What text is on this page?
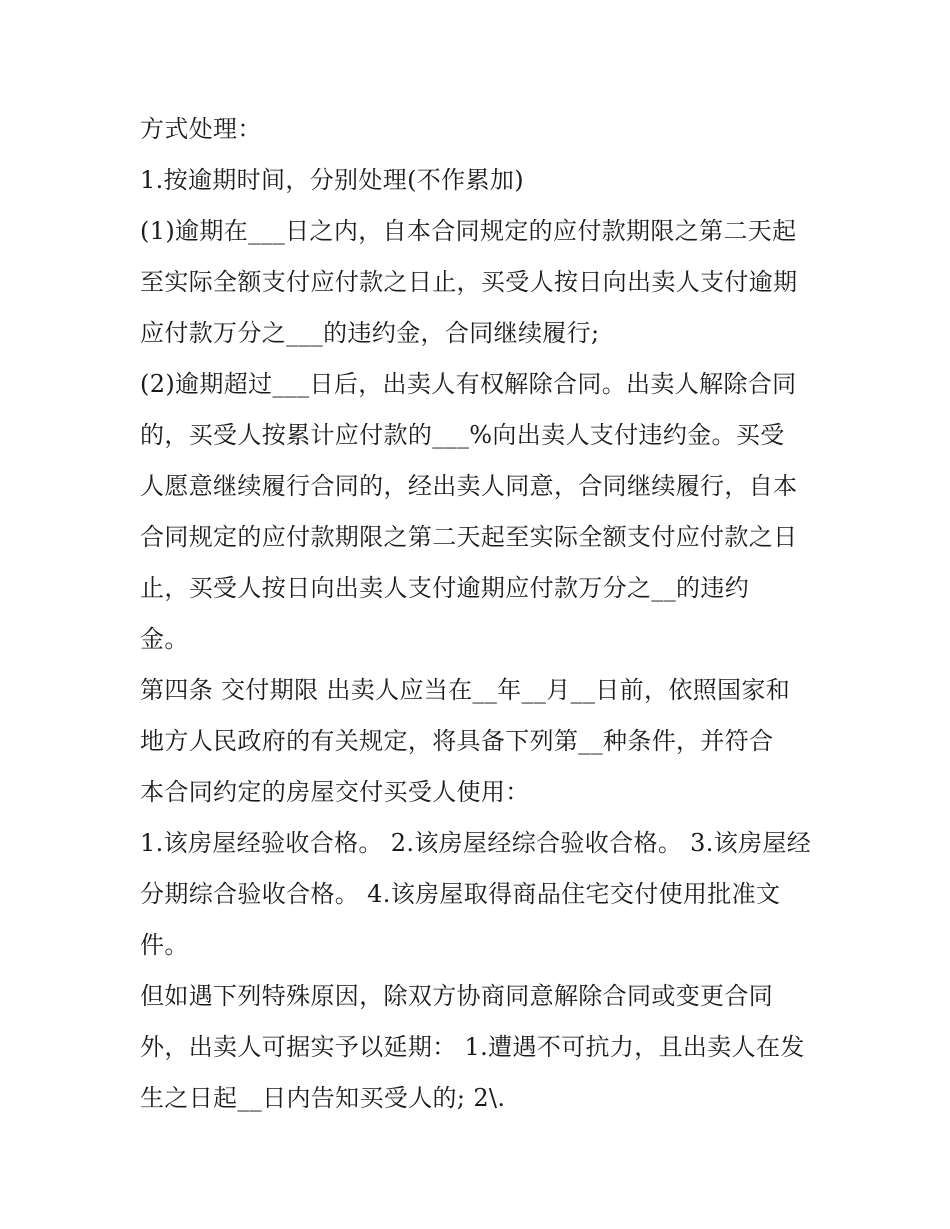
方式处理：
1.按逾期时间，分别处理(不作累加)
(1)逾期在___日之内，自本合同规定的应付款期限之第二天起
至实际全额支付应付款之日止，买受人按日向出卖人支付逾期
应付款万分之___的违约金，合同继续履行;
(2)逾期超过___日后，出卖人有权解除合同。出卖人解除合同
的，买受人按累计应付款的___%向出卖人支付违约金。买受
人愿意继续履行合同的，经出卖人同意，合同继续履行，自本
合同规定的应付款期限之第二天起至实际全额支付应付款之日
止，买受人按日向出卖人支付逾期应付款万分之__的违约
金。
第四条 交付期限 出卖人应当在__年__月__日前，依照国家和
地方人民政府的有关规定，将具备下列第__种条件，并符合
本合同约定的房屋交付买受人使用：
1.该房屋经验收合格。 2.该房屋经综合验收合格。 3.该房屋经
分期综合验收合格。 4.该房屋取得商品住宅交付使用批准文
件。
但如遇下列特殊原因，除双方协商同意解除合同或变更合同
外，出卖人可据实予以延期： 1.遭遇不可抗力，且出卖人在发
生之日起__日内告知买受人的; 2\.
